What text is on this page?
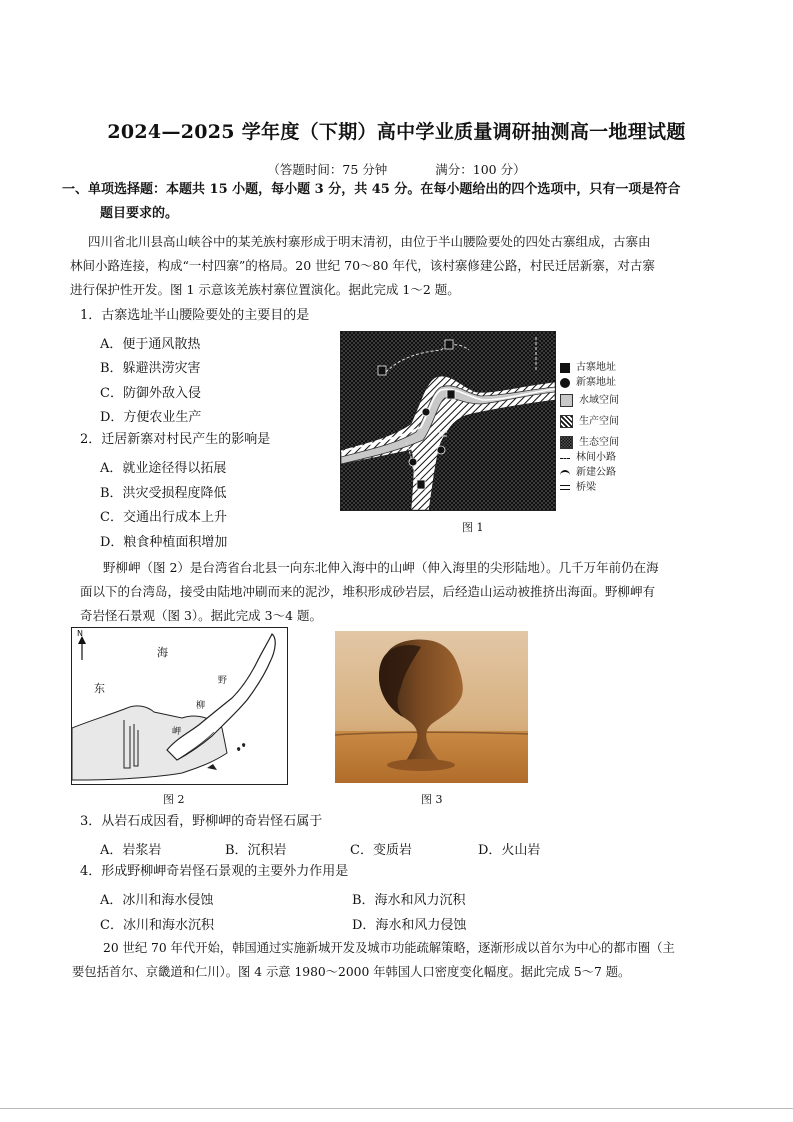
2024—2025 学年度（下期）高中学业质量调研抽测高一地理试题
（答题时间：75 分钟	满分：100 分）
一、单项选择题：本题共 15 小题，每小题 3 分，共 45 分。在每小题给出的四个选项中，只有一项是符合
题目要求的。
四川省北川县高山峡谷中的某羌族村寨形成于明末清初，由位于半山腰险要处的四处古寨组成，古寨由
林间小路连接，构成“一村四寨”的格局。20 世纪 70～80 年代，该村寨修建公路，村民迁居新寨，对古寨
进行保护性开发。图 1 示意该羌族村寨位置演化。据此完成 1～2 题。
1．古寨选址半山腰险要处的主要目的是
A．便于通风散热
B．躲避洪涝灾害
C．防御外敌入侵
D．方便农业生产
2．迁居新寨对村民产生的影响是
A．就业途径得以拓展
B．洪灾受损程度降低
C．交通出行成本上升
D．粮食种植面积增加
古寨地址
新寨地址
水域空间
生产空间
生态空间
林间小路
新建公路
桥梁
图 1
野柳岬（图 2）是台湾省台北县一向东北伸入海中的山岬（伸入海里的尖形陆地）。几千万年前仍在海
面以下的台湾岛，接受由陆地冲刷而来的泥沙，堆积形成砂岩层，后经造山运动被推挤出海面。野柳岬有
奇岩怪石景观（图 3）。据此完成 3～4 题。
N
海
东
野
柳
岬
图 2	图 3
3．从岩石成因看，野柳岬的奇岩怪石属于
A．岩浆岩	B．沉积岩	C．变质岩	D．火山岩
4．形成野柳岬奇岩怪石景观的主要外力作用是
A．冰川和海水侵蚀	B．海水和风力沉积
C．冰川和海水沉积	D．海水和风力侵蚀
20 世纪 70 年代开始，韩国通过实施新城开发及城市功能疏解策略，逐渐形成以首尔为中心的都市圈（主
要包括首尔、京畿道和仁川）。图 4 示意 1980～2000 年韩国人口密度变化幅度。据此完成 5～7 题。
